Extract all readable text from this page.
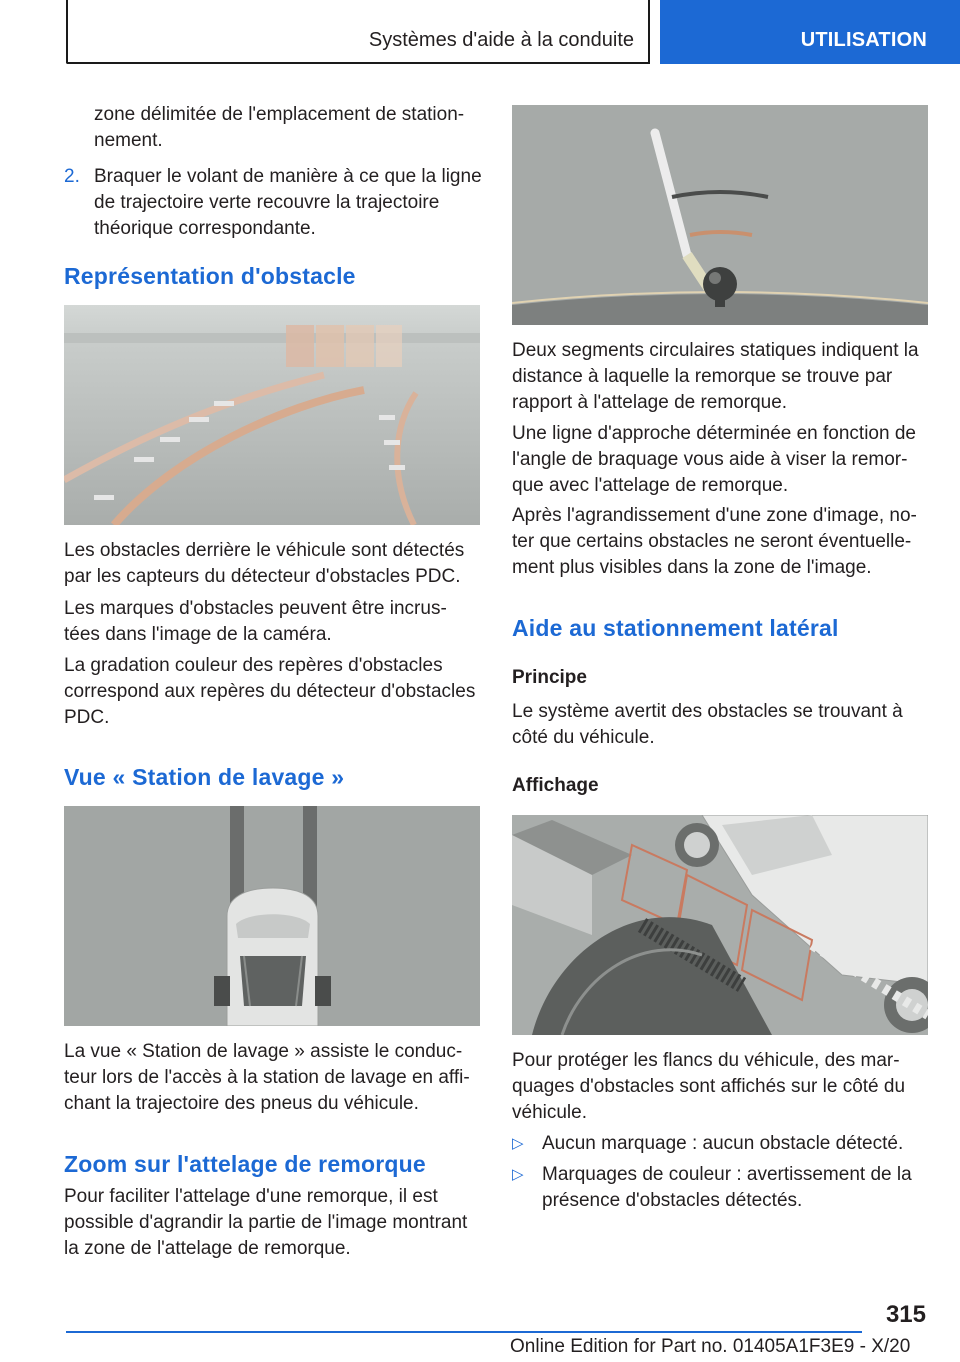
Systèmes d'aide à la conduite	UTILISATION
zone délimitée de l'emplacement de station-
nement.
2. Braquer le volant de manière à ce que la ligne
de trajectoire verte recouvre la trajectoire
théorique correspondante.
Représentation d'obstacle
Les obstacles derrière le véhicule sont détectés
par les capteurs du détecteur d'obstacles PDC.
Les marques d'obstacles peuvent être incrus-
tées dans l'image de la caméra.
La gradation couleur des repères d'obstacles
correspond aux repères du détecteur d'obstacles
PDC.
Vue « Station de lavage »
La vue « Station de lavage » assiste le conduc-
teur lors de l'accès à la station de lavage en affi-
chant la trajectoire des pneus du véhicule.
Zoom sur l'attelage de remorque
Pour faciliter l'attelage d'une remorque, il est
possible d'agrandir la partie de l'image montrant
la zone de l'attelage de remorque.
Deux segments circulaires statiques indiquent la
distance à laquelle la remorque se trouve par
rapport à l'attelage de remorque.
Une ligne d'approche déterminée en fonction de
l'angle de braquage vous aide à viser la remor-
que avec l'attelage de remorque.
Après l'agrandissement d'une zone d'image, no-
ter que certains obstacles ne seront éventuelle-
ment plus visibles dans la zone de l'image.
Aide au stationnement latéral
Principe
Le système avertit des obstacles se trouvant à
côté du véhicule.
Affichage
Pour protéger les flancs du véhicule, des mar-
quages d'obstacles sont affichés sur le côté du
véhicule.
▷ Aucun marquage : aucun obstacle détecté.
▷ Marquages de couleur : avertissement de la
présence d'obstacles détectés.
315
Online Edition for Part no. 01405A1F3E9 - X/20
